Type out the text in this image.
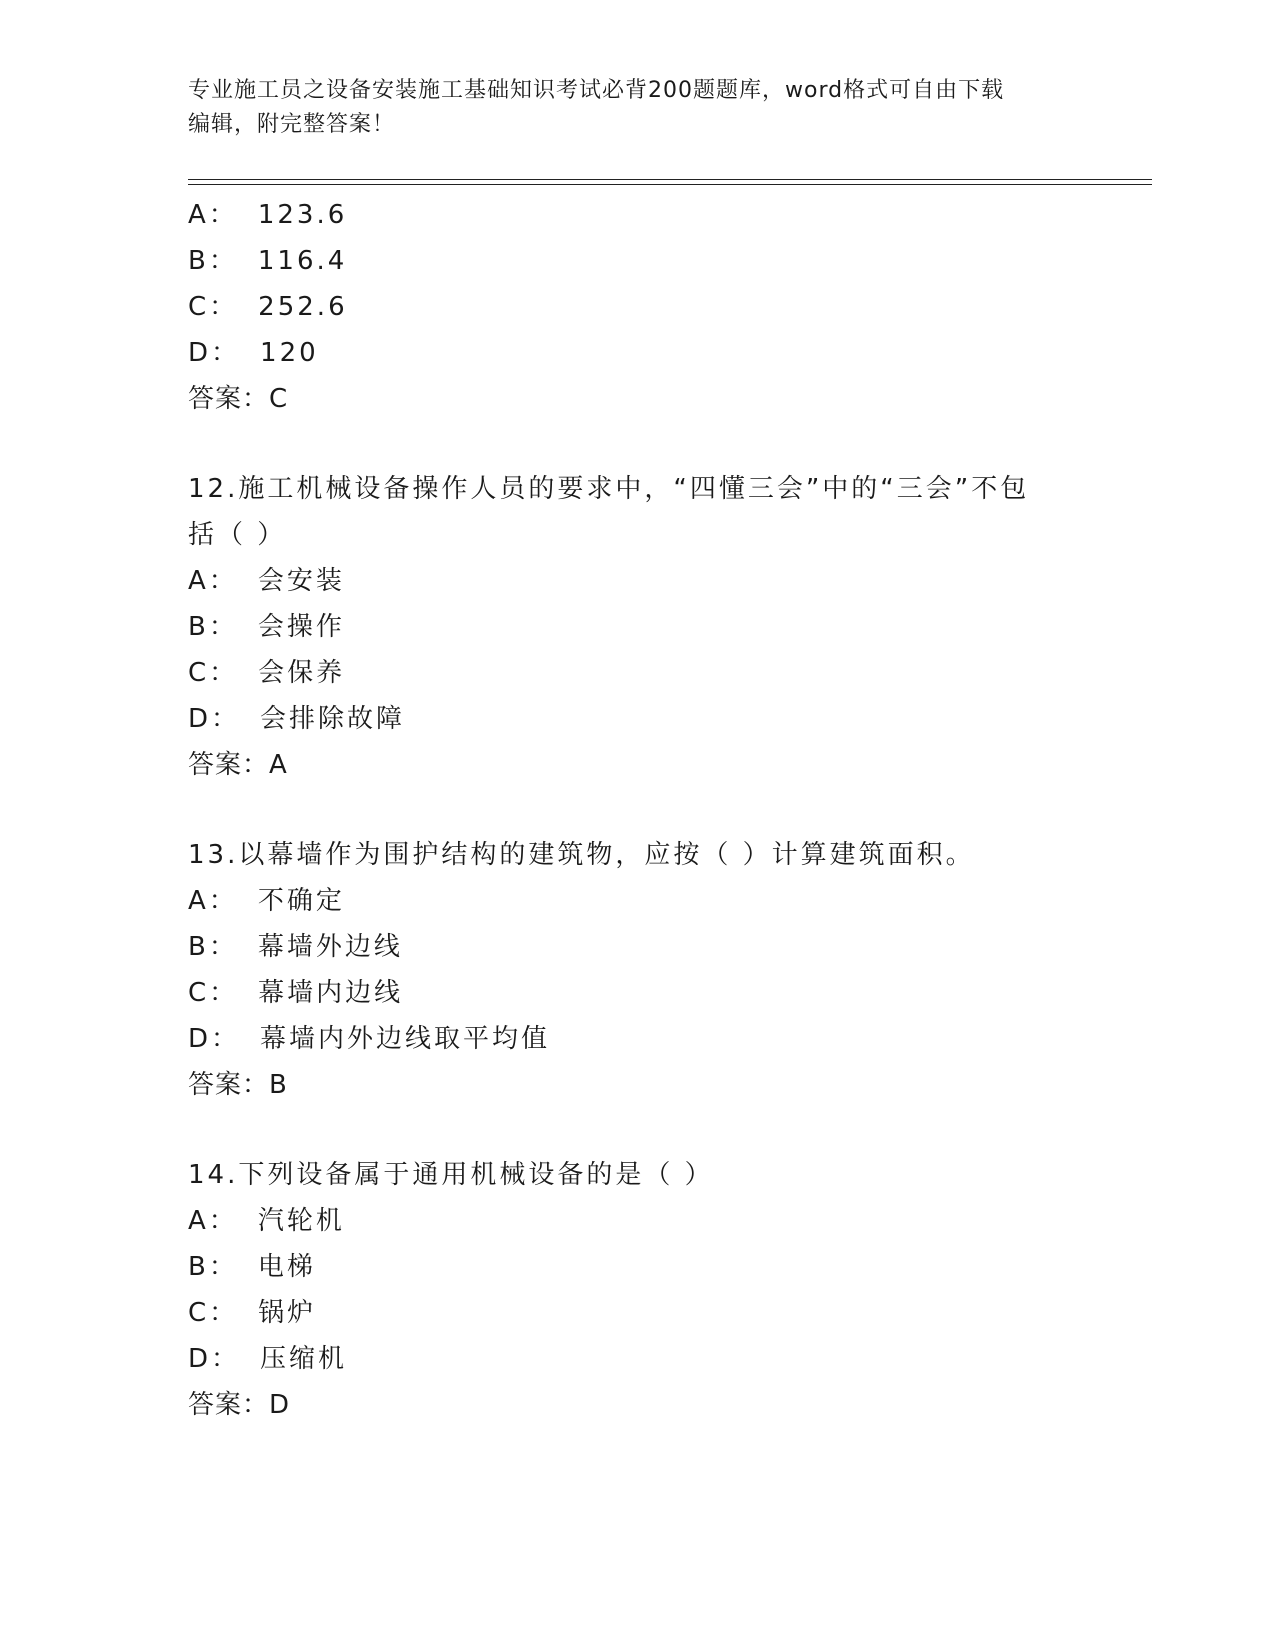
专业施工员之设备安装施工基础知识考试必背200题题库，word格式可自由下载
编辑，附完整答案！
A： 123.6
B： 116.4
C： 252.6
D： 120
答案：C
12.施工机械设备操作人员的要求中，“四懂三会”中的“三会”不包
括（ ）
A： 会安装
B： 会操作
C： 会保养
D： 会排除故障
答案：A
13.以幕墙作为围护结构的建筑物，应按（ ）计算建筑面积。
A： 不确定
B： 幕墙外边线
C： 幕墙内边线
D： 幕墙内外边线取平均值
答案：B
14.下列设备属于通用机械设备的是（ ）
A： 汽轮机
B： 电梯
C： 锅炉
D： 压缩机
答案：D
